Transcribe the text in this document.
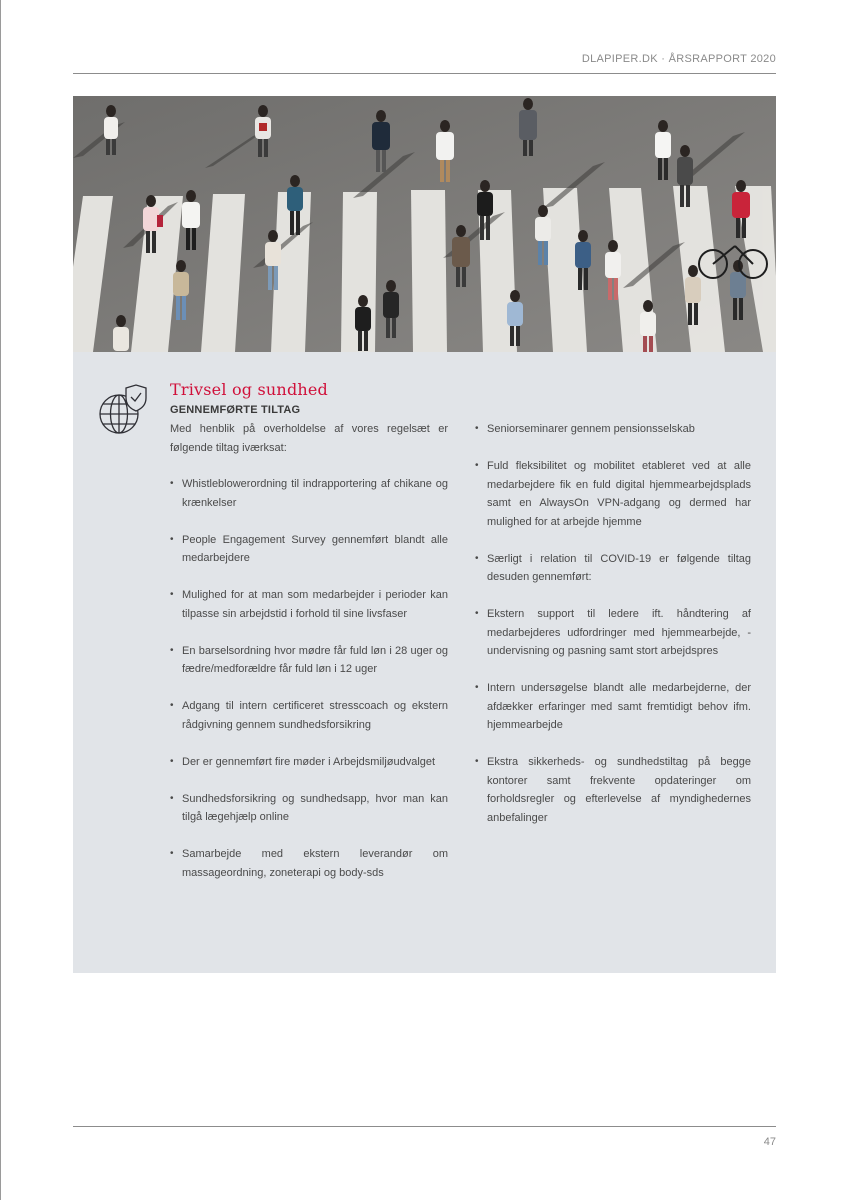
DLAPIPER.DK · ÅRSRAPPORT 2020
Trivsel og sundhed
GENNEMFØRTE TILTAG

Med henblik på overholdelse af vores regelsæt er følgende tiltag iværksat:

• Whistleblowerordning til indrapportering af chikane og krænkelser
• People Engagement Survey gennemført blandt alle medarbejdere
• Mulighed for at man som medarbejder i perioder kan tilpasse sin arbejdstid i forhold til sine livsfaser
• En barselsordning hvor mødre får fuld løn i 28 uger og fædre/medforældre får fuld løn i 12 uger
• Adgang til intern certificeret stresscoach og ekstern rådgivning gennem sundhedsforsikring
• Der er gennemført fire møder i Arbejdsmiljøudvalget
• Sundhedsforsikring og sundhedsapp, hvor man kan tilgå lægehjælp online
• Samarbejde med ekstern leverandør om massageordning, zoneterapi og body-sds
• Seniorseminarer gennem pensionsselskab
• Fuld fleksibilitet og mobilitet etableret ved at alle medarbejdere fik en fuld digital hjemmearbejdsplads samt en AlwaysOn VPN-adgang og dermed har mulighed for at arbejde hjemme
• Særligt i relation til COVID-19 er følgende tiltag desuden gennemført:
• Ekstern support til ledere ift. håndtering af medarbejderes udfordringer med hjemmearbejde, -undervisning og pasning samt stort arbejdspres
• Intern undersøgelse blandt alle medarbejderne, der afdækker erfaringer med samt fremtidigt behov ifm. hjemmearbejde
• Ekstra sikkerheds- og sundhedstiltag på begge kontorer samt frekvente opdateringer om forholdsregler og efterlevelse af myndighedernes anbefalinger
47
